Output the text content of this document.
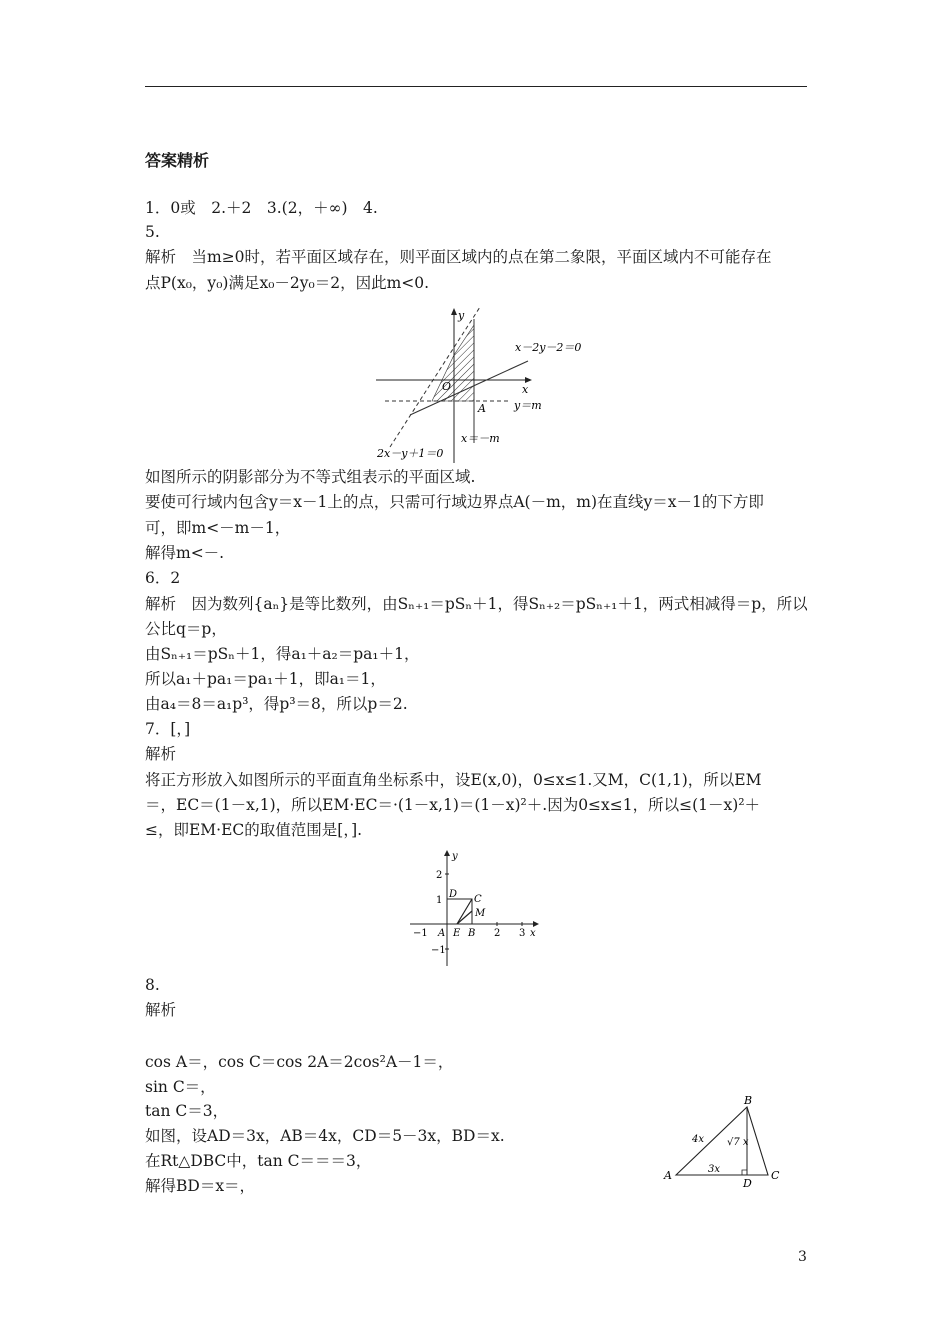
答案精析
1．0或　2.＋2　3.(2，＋∞)　4.
5.
解析　当m≥0时，若平面区域存在，则平面区域内的点在第二象限，平面区域内不可能存在
点P(x₀，y₀)满足x₀－2y₀＝2，因此m<0.
x
y
O
A
x－2y－2＝0
y＝m
x＝－m
2x－y＋1＝0
如图所示的阴影部分为不等式组表示的平面区域.
要使可行域内包含y＝x－1上的点，只需可行域边界点A(－m，m)在直线y＝x－1的下方即
可，即m<－m－1，
解得m<－.
6．2
解析　因为数列{aₙ}是等比数列，由Sₙ₊₁＝pSₙ＋1，得Sₙ₊₂＝pSₙ₊₁＋1，两式相减得＝p，所以
公比q＝p，
由Sₙ₊₁＝pSₙ＋1，得a₁＋a₂＝pa₁＋1，
所以a₁＋pa₁＝pa₁＋1，即a₁＝1，
由a₄＝8＝a₁p³，得p³＝8，所以p＝2.
7．[，]
解析
将正方形放入如图所示的平面直角坐标系中，设E(x,0)，0≤x≤1.又M，C(1,1)，所以EM
＝，EC＝(1－x,1)，所以EM·EC＝·(1－x,1)＝(1－x)²＋.因为0≤x≤1，所以≤(1－x)²＋
≤，即EM·EC的取值范围是[，].
y
x
2
1
−1
−1	2 3
A E B
D C
M
8.
解析
cos A＝，cos C＝cos 2A＝2cos²A－1＝，
sin C＝，
tan C＝3，
如图，设AD＝3x，AB＝4x，CD＝5－3x，BD＝x.
在Rt△DBC中，tan C＝＝＝3，
解得BD＝x＝，
B
A	C
D
4x
3x
√7 x
3
